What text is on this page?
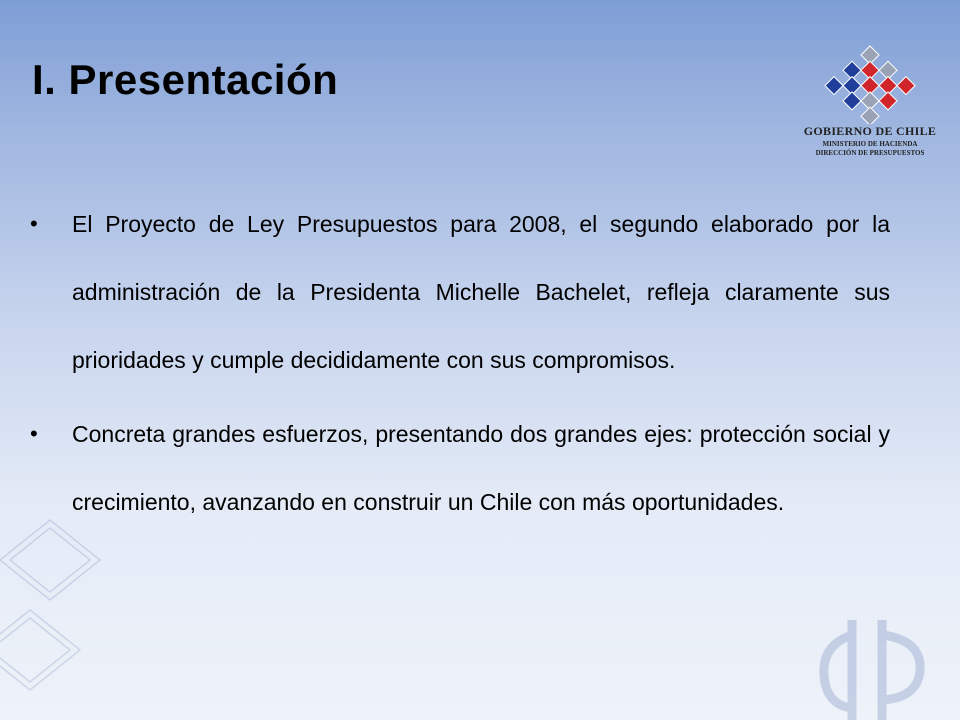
I. Presentación
GOBIERNO DE CHILE
MINISTERIO DE HACIENDA
DIRECCIÓN DE PRESUPUESTOS
• El Proyecto de Ley Presupuestos para 2008, el segundo elaborado por la administración de la Presidenta Michelle Bachelet, refleja claramente sus prioridades y cumple decididamente con sus compromisos.
• Concreta grandes esfuerzos, presentando dos grandes ejes: protección social y crecimiento, avanzando en construir un Chile con más oportunidades.
